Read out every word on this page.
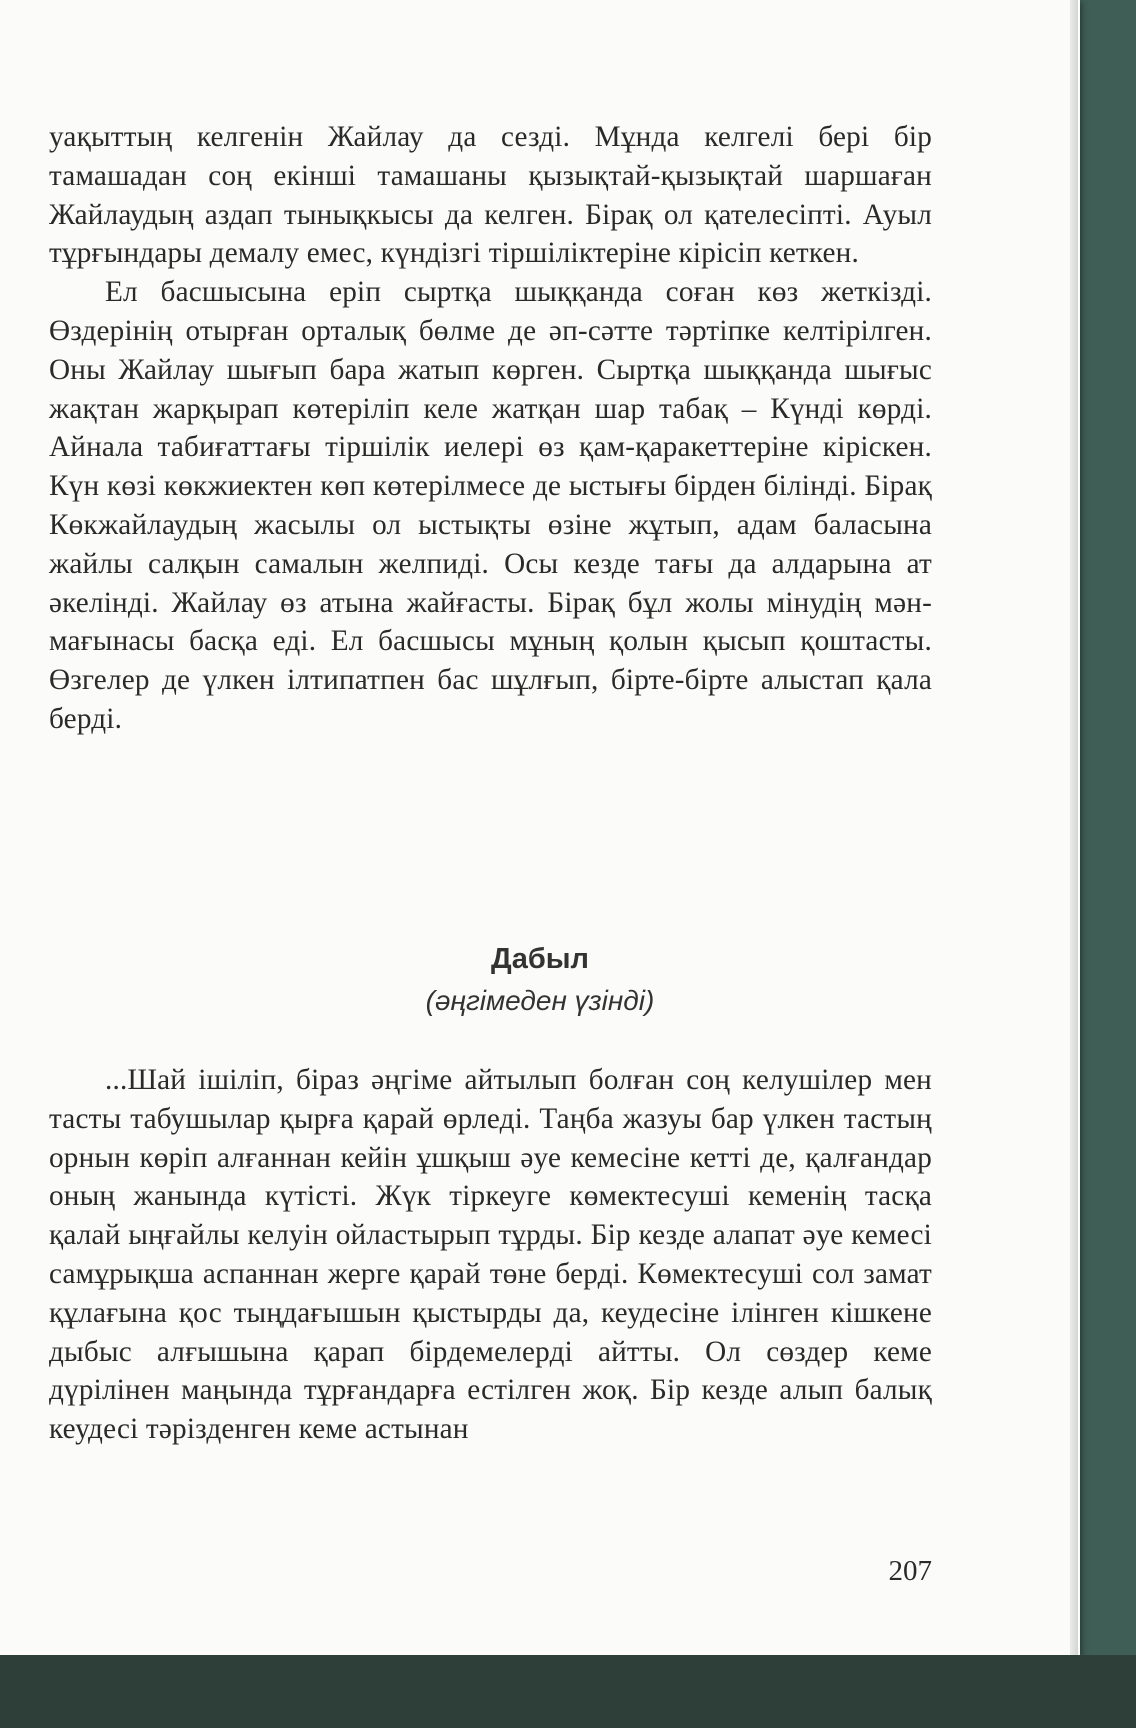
уақыттың келгенін Жайлау да сезді. Мұнда келгелі бері бір тамашадан соң екінші тамашаны қызықтай-қызықтай шаршаған Жайлаудың аздап тынықкысы да келген. Бірақ ол қателесіпті. Ауыл тұрғындары демалу емес, күндізгі тіршіліктеріне кірісіп кеткен.

Ел басшысына еріп сыртқа шыққанда соған көз жеткізді. Өздерінің отырған орталық бөлме де әп-сәтте тәртіпке келтірілген. Оны Жайлау шығып бара жатып көрген. Сыртқа шыққанда шығыс жақтан жарқырап көтеріліп келе жатқан шар табақ – Күнді көрді. Айнала табиғаттағы тіршілік иелері өз қам-қаракеттеріне кіріскен. Күн көзі көкжиектен көп көтерілмесе де ыстығы бірден білінді. Бірақ Көкжайлаудың жасылы ол ыстықты өзіне жұтып, адам баласына жайлы салқын самалын желпиді. Осы кезде тағы да алдарына ат әкелінді. Жайлау өз атына жайғасты. Бірақ бұл жолы мінудің мән-мағынасы басқа еді. Ел басшысы мұның қолын қысып қоштасты. Өзгелер де үлкен ілтипатпен бас шұлғып, бірте-бірте алыстап қала берді.

Дабыл
(әңгімеден үзінді)

...Шай ішіліп, біраз әңгіме айтылып болған соң келушілер мен тасты табушылар қырға қарай өрледі. Таңба жазуы бар үлкен тастың орнын көріп алғаннан кейін ұшқыш әуе кемесіне кетті де, қалғандар оның жанында күтісті. Жүк тіркеуге көмектесуші кеменің тасқа қалай ыңғайлы келуін ойластырып тұрды. Бір кезде алапат әуе кемесі самұрықша аспаннан жерге қарай төне берді. Көмектесуші сол замат құлағына қос тыңдағышын қыстырды да, кеудесіне ілінген кішкене дыбыс алғышына қарап бірдемелерді айтты. Ол сөздер кеме дүрілінен маңында тұрғандарға естілген жоқ. Бір кезде алып балық кеудесі тәрізденген кеме астынан

207
